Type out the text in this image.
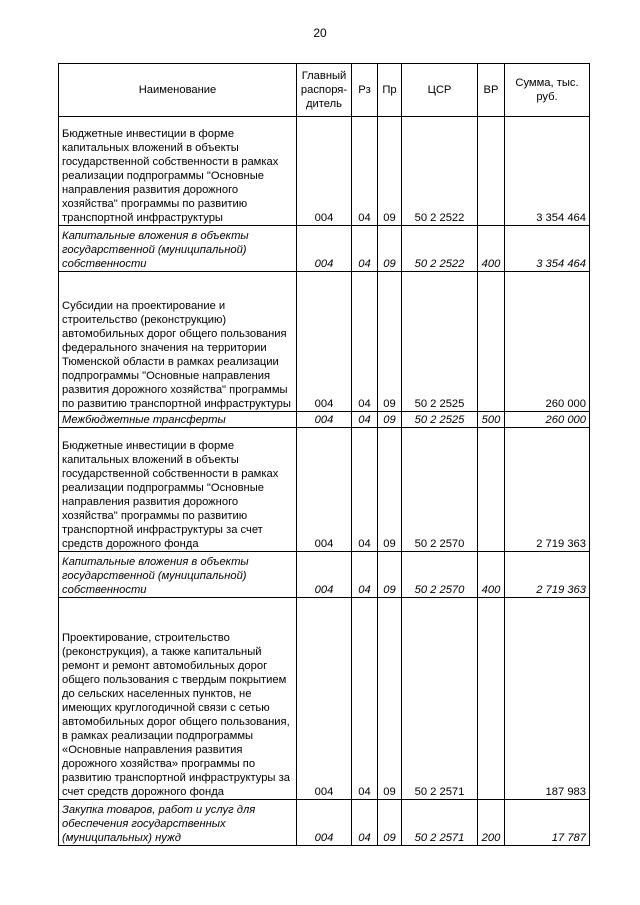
20
Наименование	Главный распоря-дитель	Рз	Пр	ЦСР	ВР	Сумма, тыс. руб.
Бюджетные инвестиции в форме капитальных вложений в объекты государственной собственности в рамках реализации подпрограммы "Основные направления развития дорожного хозяйства" программы по развитию транспортной инфраструктуры	004	04	09	50 2 2522		3 354 464
Капитальные вложения в объекты государственной (муниципальной) собственности	004	04	09	50 2 2522	400	3 354 464
Субсидии на проектирование и строительство (реконструкцию) автомобильных дорог общего пользования федерального значения на территории Тюменской области в рамках реализации подпрограммы "Основные направления развития дорожного хозяйства" программы по развитию транспортной инфраструктуры	004	04	09	50 2 2525		260 000
Межбюджетные трансферты	004	04	09	50 2 2525	500	260 000
Бюджетные инвестиции в форме капитальных вложений в объекты государственной собственности в рамках реализации подпрограммы "Основные направления развития дорожного хозяйства" программы по развитию транспортной инфраструктуры за счет средств дорожного фонда	004	04	09	50 2 2570		2 719 363
Капитальные вложения в объекты государственной (муниципальной) собственности	004	04	09	50 2 2570	400	2 719 363
Проектирование, строительство (реконструкция), а также капитальный ремонт и ремонт автомобильных дорог общего пользования с твердым покрытием до сельских населенных пунктов, не имеющих круглогодичной связи с сетью автомобильных дорог общего пользования, в рамках реализации подпрограммы «Основные направления развития дорожного хозяйства» программы по развитию транспортной инфраструктуры за счет средств дорожного фонда	004	04	09	50 2 2571		187 983
Закупка товаров, работ и услуг для обеспечения государственных (муниципальных) нужд	004	04	09	50 2 2571	200	17 787
